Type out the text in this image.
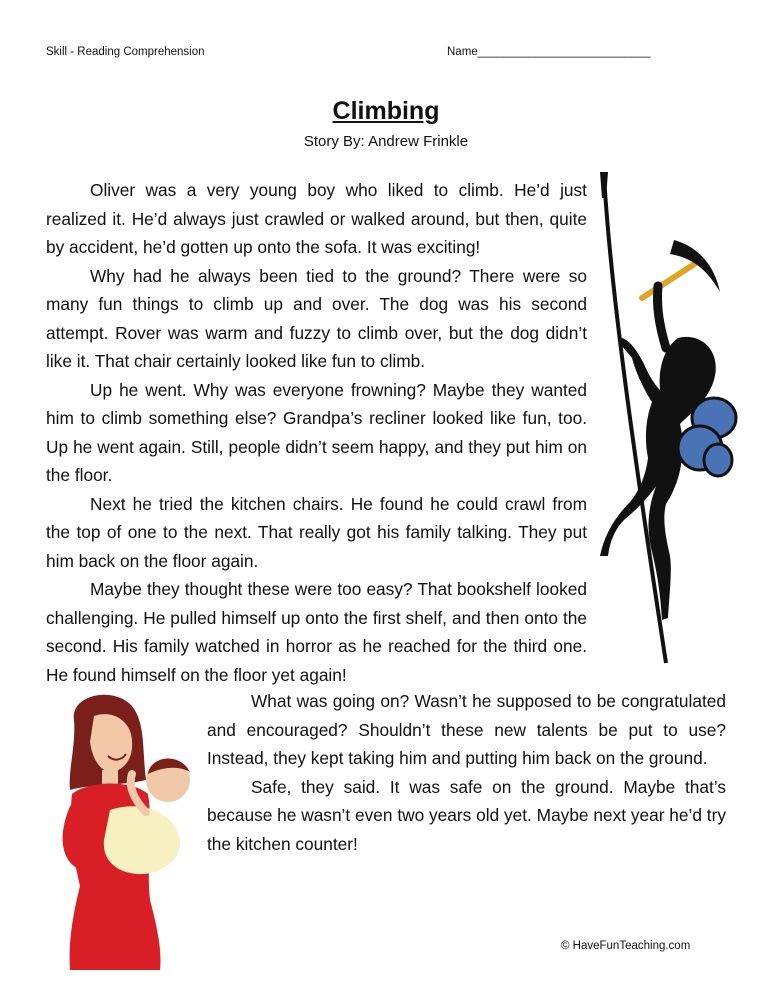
Skill - Reading Comprehension	Name___________________________
Climbing
Story By: Andrew Frinkle

Oliver was a very young boy who liked to climb. He’d just realized it. He’d always just crawled or walked around, but then, quite by accident, he’d gotten up onto the sofa. It was exciting!

Why had he always been tied to the ground? There were so many fun things to climb up and over. The dog was his second attempt. Rover was warm and fuzzy to climb over, but the dog didn’t like it. That chair certainly looked like fun to climb.

Up he went. Why was everyone frowning? Maybe they wanted him to climb something else? Grandpa’s recliner looked like fun, too. Up he went again. Still, people didn’t seem happy, and they put him on the floor.

Next he tried the kitchen chairs. He found he could crawl from the top of one to the next. That really got his family talking. They put him back on the floor again.

Maybe they thought these were too easy? That bookshelf looked challenging. He pulled himself up onto the first shelf, and then onto the second. His family watched in horror as he reached for the third one. He found himself on the floor yet again!

What was going on? Wasn’t he supposed to be congratulated and encouraged? Shouldn’t these new talents be put to use? Instead, they kept taking him and putting him back on the ground.

Safe, they said. It was safe on the ground. Maybe that’s because he wasn’t even two years old yet. Maybe next year he’d try the kitchen counter!

© HaveFunTeaching.com
